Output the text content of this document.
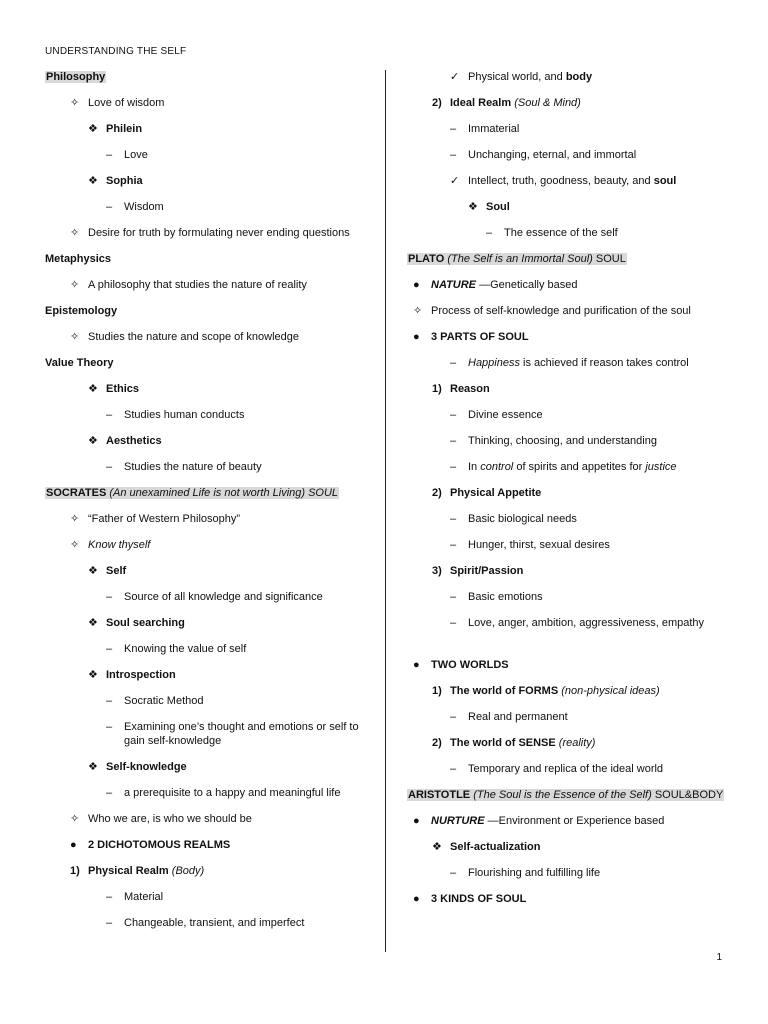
UNDERSTANDING THE SELF
Philosophy
✧ Love of wisdom
❖ Philein
– Love
❖ Sophia
– Wisdom
✧ Desire for truth by formulating never ending questions
Metaphysics
✧ A philosophy that studies the nature of reality
Epistemology
✧ Studies the nature and scope of knowledge
Value Theory
❖ Ethics
– Studies human conducts
❖ Aesthetics
– Studies the nature of beauty
SOCRATES (An unexamined Life is not worth Living) SOUL
✧ “Father of Western Philosophy”
✧ Know thyself
❖ Self
– Source of all knowledge and significance
❖ Soul searching
– Knowing the value of self
❖ Introspection
– Socratic Method
–	Examining one’s thought and emotions or self to gain self-knowledge
❖ Self-knowledge
– a prerequisite to a happy and meaningful life
✧ Who we are, is who we should be
● 2 DICHOTOMOUS REALMS
1) Physical Realm (Body)
– Material
– Changeable, transient, and imperfect
✓ Physical world, and body
2) Ideal Realm (Soul & Mind)
– Immaterial
– Unchanging, eternal, and immortal
✓ Intellect, truth, goodness, beauty, and soul
❖ Soul
– The essence of the self
PLATO (The Self is an Immortal Soul) SOUL
● NATURE —Genetically based
✧ Process of self-knowledge and purification of the soul
● 3 PARTS OF SOUL
– Happiness is achieved if reason takes control
1) Reason
– Divine essence
– Thinking, choosing, and understanding
– In control of spirits and appetites for justice
2) Physical Appetite
– Basic biological needs
– Hunger, thirst, sexual desires
3) Spirit/Passion
– Basic emotions
– Love, anger, ambition, aggressiveness, empathy
● TWO WORLDS
1) The world of FORMS (non-physical ideas)
– Real and permanent
2) The world of SENSE (reality)
– Temporary and replica of the ideal world
ARISTOTLE (The Soul is the Essence of the Self) SOUL&BODY
● NURTURE —Environment or Experience based
❖ Self-actualization
– Flourishing and fulfilling life
● 3 KINDS OF SOUL
1
